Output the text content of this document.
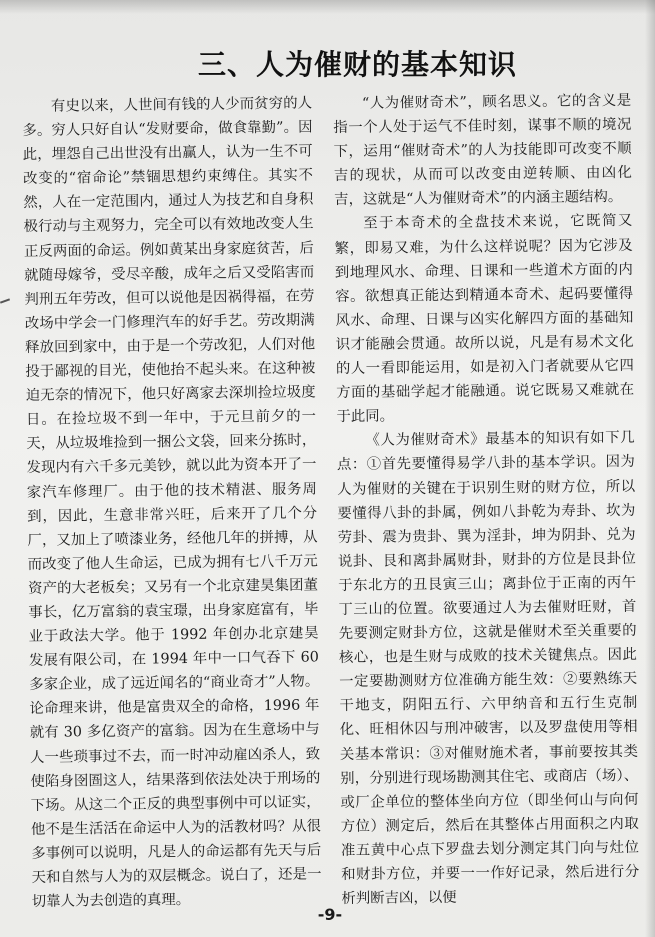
三、人为催财的基本知识

有史以来，人世间有钱的人少而贫穷的人多。穷人只好自认“发财要命，做食靠勤”。因此，埋怨自己出世没有出赢人，认为一生不可改变的“宿命论”禁锢思想约束缚住。其实不然，人在一定范围内，通过人为技艺和自身积极行动与主观努力，完全可以有效地改变人生正反两面的命运。例如黄某出身家庭贫苦，后就随母嫁爷，受尽辛酸，成年之后又受陷害而判刑五年劳改，但可以说他是因祸得福，在劳改场中学会一门修理汽车的好手艺。劳改期满释放回到家中，由于是一个劳改犯，人们对他投于鄙视的目光，使他抬不起头来。在这种被迫无奈的情况下，他只好离家去深圳捡垃圾度日。在捡垃圾不到一年中，于元旦前夕的一天，从垃圾堆捡到一捆公文袋，回来分拣时，发现内有六千多元美钞，就以此为资本开了一家汽车修理厂。由于他的技术精湛、服务周到，因此，生意非常兴旺，后来开了几个分厂，又加上了喷漆业务，经他几年的拼搏，从而改变了他人生命运，已成为拥有七八千万元资产的大老板矣；又另有一个北京建昊集团董事长，亿万富翁的袁宝璟，出身家庭富有，毕业于政法大学。他于 1992 年创办北京建昊发展有限公司，在 1994 年中一口气吞下 60 多家企业，成了远近闻名的“商业奇才”人物。论命理来讲，他是富贵双全的命格，1996 年就有 30 多亿资产的富翁。因为在生意场中与人一些琐事过不去，而一时冲动雇凶杀人，致使陷身囹圄这人，结果落到依法处决于刑场的下场。从这二个正反的典型事例中可以证实，他不是生活活在命运中人为的活教材吗？从很多事例可以说明，凡是人的命运都有先天与后天和自然与人为的双层概念。说白了，还是一切靠人为去创造的真理。

“人为催财奇术”，顾名思义。它的含义是指一个人处于运气不佳时刻，谋事不顺的境况下，运用“催财奇术”的人为技能即可改变不顺吉的现状，从而可以改变由逆转顺、由凶化吉，这就是“人为催财奇术”的内涵主题结构。

至于本奇术的全盘技术来说，它既简又繁，即易又难，为什么这样说呢？因为它涉及到地理风水、命理、日课和一些道术方面的内容。欲想真正能达到精通本奇术、起码要懂得风水、命理、日课与凶实化解四方面的基础知识才能融会贯通。故所以说，凡是有易术文化的人一看即能运用，如是初入门者就要从它四方面的基础学起才能融通。说它既易又难就在于此同。

《人为催财奇术》最基本的知识有如下几点：①首先要懂得易学八卦的基本学识。因为人为催财的关键在于识别生财的财方位，所以要懂得八卦的卦属，例如八卦乾为寿卦、坎为劳卦、震为贵卦、巽为淫卦，坤为阴卦、兑为说卦、艮和离卦属财卦，财卦的方位是艮卦位于东北方的丑艮寅三山；离卦位于正南的丙午丁三山的位置。欲要通过人为去催财旺财，首先要测定财卦方位，这就是催财术至关重要的核心，也是生财与成败的技术关键焦点。因此一定要勘测财方位准确方能生效：②要熟练天干地支，阴阳五行、六甲纳音和五行生克制化、旺相休囚与刑冲破害，以及罗盘使用等相关基本常识：③对催财施术者，事前要按其类别，分别进行现场勘测其住宅、或商店（场）、或厂企单位的整体坐向方位（即坐何山与向何方位）测定后，然后在其整体占用面积之内取准五黄中心点下罗盘去划分测定其门向与灶位和财卦方位，并要一一作好记录，然后进行分析判断吉凶，以便

-9-
